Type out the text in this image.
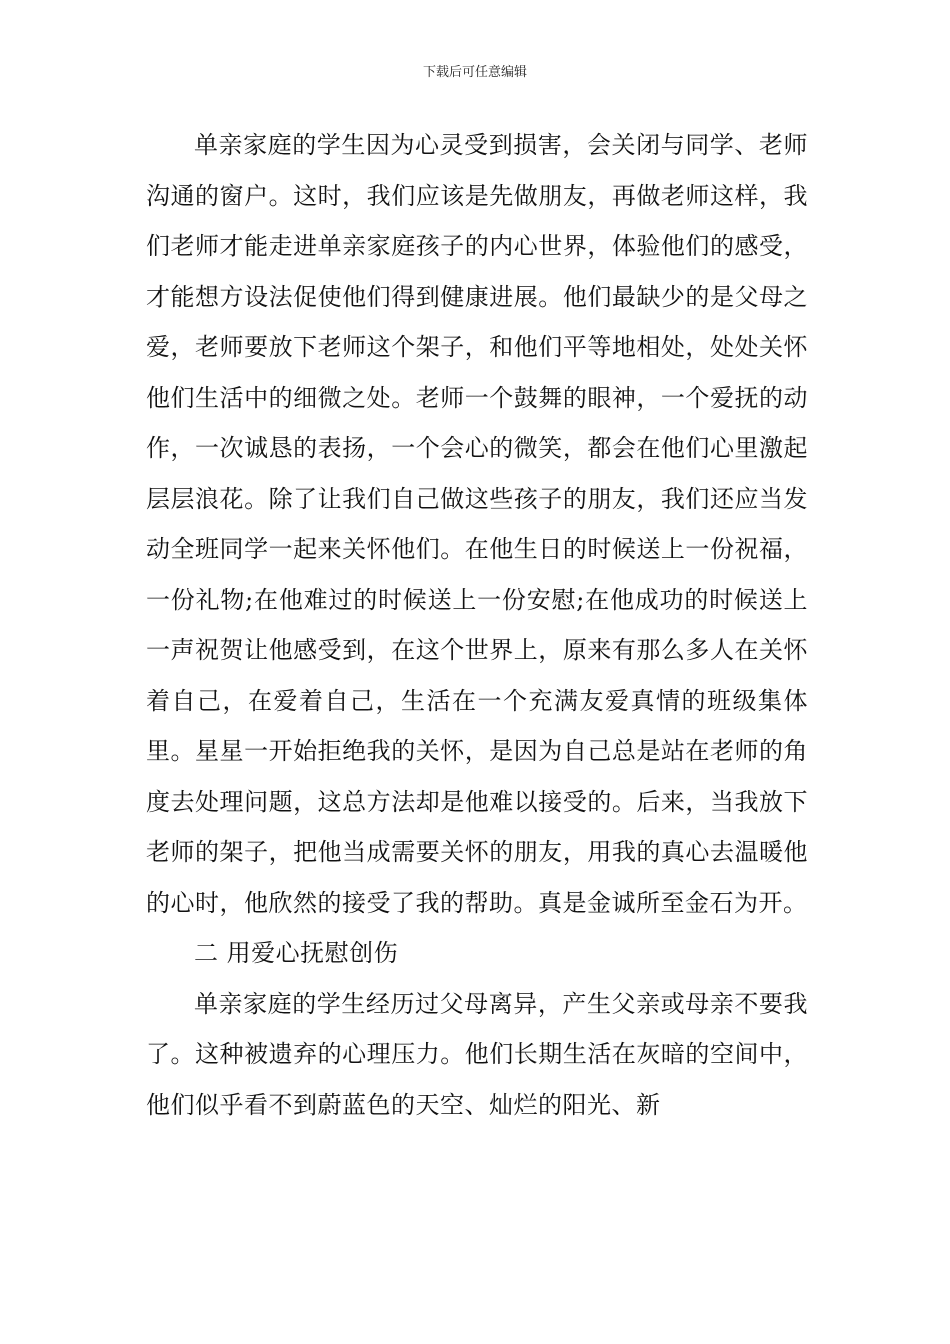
下载后可任意编辑

单亲家庭的学生因为心灵受到损害，会关闭与同学、老师沟通的窗户。这时，我们应该是先做朋友，再做老师这样，我们老师才能走进单亲家庭孩子的内心世界，体验他们的感受，才能想方设法促使他们得到健康进展。他们最缺少的是父母之爱，老师要放下老师这个架子，和他们平等地相处，处处关怀他们生活中的细微之处。老师一个鼓舞的眼神，一个爱抚的动作，一次诚恳的表扬，一个会心的微笑，都会在他们心里激起层层浪花。除了让我们自己做这些孩子的朋友，我们还应当发动全班同学一起来关怀他们。在他生日的时候送上一份祝福，一份礼物;在他难过的时候送上一份安慰;在他成功的时候送上一声祝贺让他感受到，在这个世界上，原来有那么多人在关怀着自己，在爱着自己，生活在一个充满友爱真情的班级集体里。星星一开始拒绝我的关怀，是因为自己总是站在老师的角度去处理问题，这总方法却是他难以接受的。后来，当我放下老师的架子，把他当成需要关怀的朋友，用我的真心去温暖他的心时，他欣然的接受了我的帮助。真是金诚所至金石为开。

二 用爱心抚慰创伤

单亲家庭的学生经历过父母离异，产生父亲或母亲不要我了。这种被遗弃的心理压力。他们长期生活在灰暗的空间中，他们似乎看不到蔚蓝色的天空、灿烂的阳光、新
